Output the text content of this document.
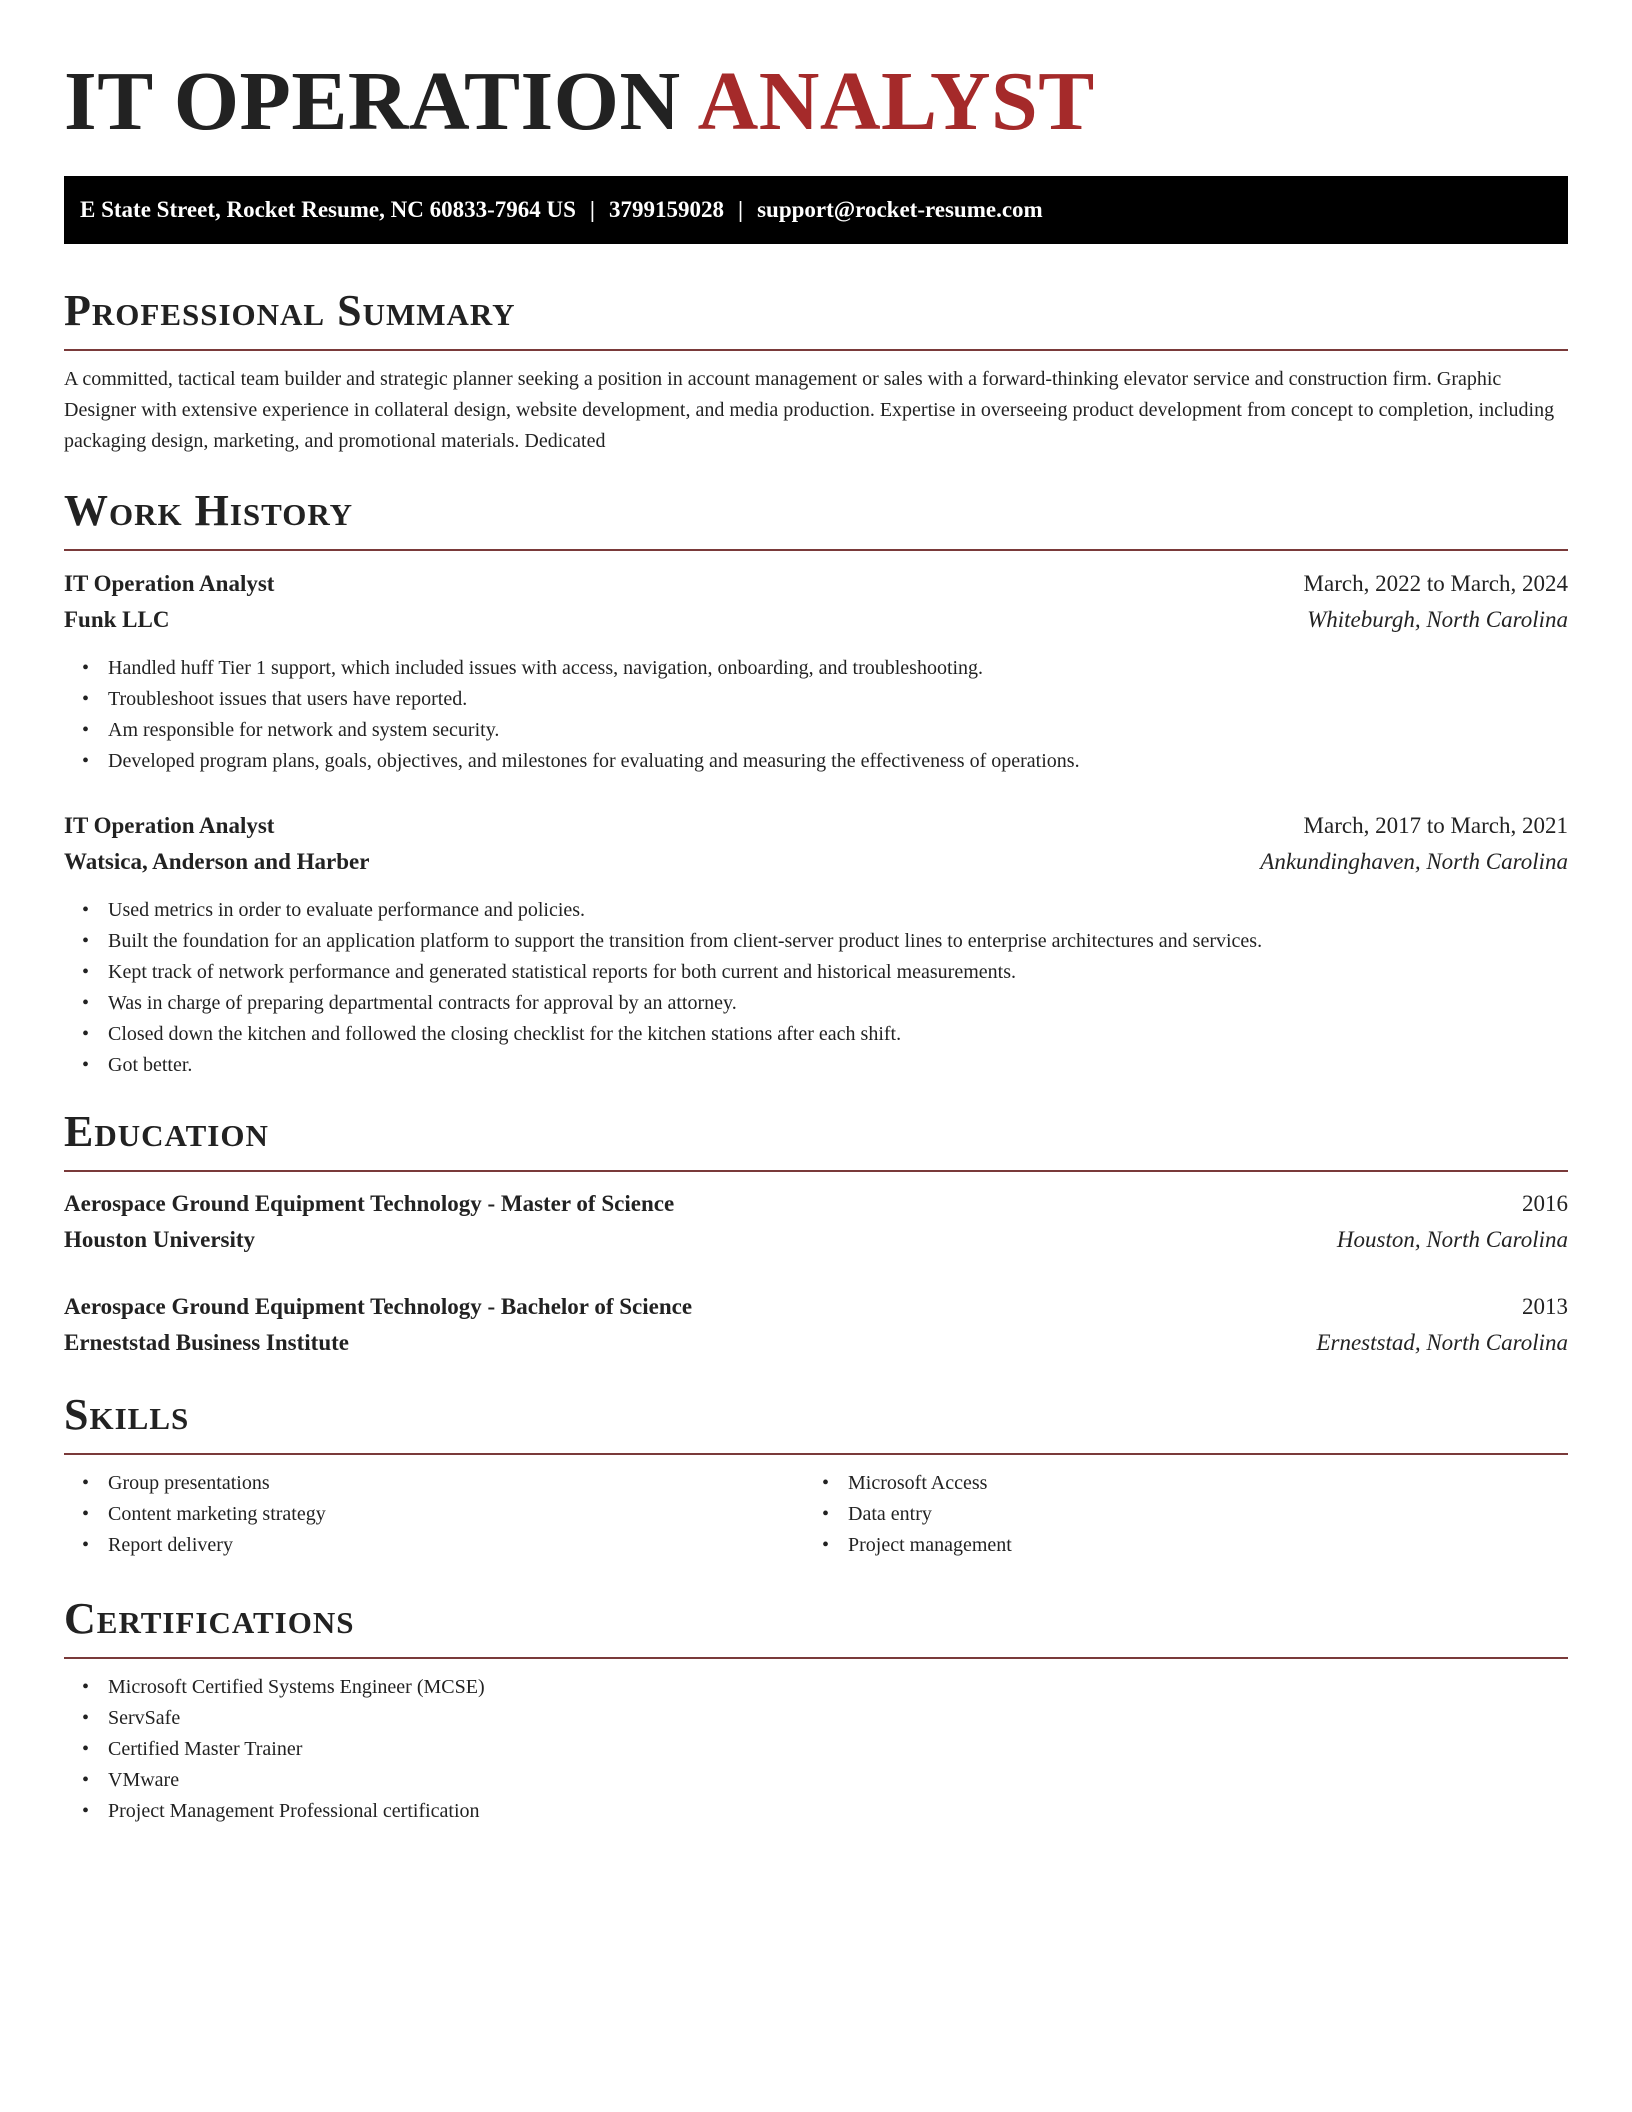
IT OPERATION ANALYST
E State Street, Rocket Resume, NC 60833-7964 US | 3799159028 | support@rocket-resume.com
Professional Summary

A committed, tactical team builder and strategic planner seeking a position in account management or sales with a forward-thinking elevator service and construction firm. Graphic Designer with extensive experience in collateral design, website development, and media production. Expertise in overseeing product development from concept to completion, including packaging design, marketing, and promotional materials. Dedicated

Work History
IT Operation Analyst	March, 2022 to March, 2024
Funk LLC	Whiteburgh, North Carolina
• Handled huff Tier 1 support, which included issues with access, navigation, onboarding, and troubleshooting.
• Troubleshoot issues that users have reported.
• Am responsible for network and system security.
• Developed program plans, goals, objectives, and milestones for evaluating and measuring the effectiveness of operations.
IT Operation Analyst	March, 2017 to March, 2021
Watsica, Anderson and Harber	Ankundinghaven, North Carolina
• Used metrics in order to evaluate performance and policies.
• Built the foundation for an application platform to support the transition from client-server product lines to enterprise architectures and services.
• Kept track of network performance and generated statistical reports for both current and historical measurements.
• Was in charge of preparing departmental contracts for approval by an attorney.
• Closed down the kitchen and followed the closing checklist for the kitchen stations after each shift.
• Got better.
Education
Aerospace Ground Equipment Technology - Master of Science	2016
Houston University	Houston, North Carolina
Aerospace Ground Equipment Technology - Bachelor of Science	2013
Erneststad Business Institute	Erneststad, North Carolina
Skills
• Group presentations
• Content marketing strategy
• Report delivery
• Microsoft Access
• Data entry
• Project management
Certifications
• Microsoft Certified Systems Engineer (MCSE)
• ServSafe
• Certified Master Trainer
• VMware
• Project Management Professional certification
